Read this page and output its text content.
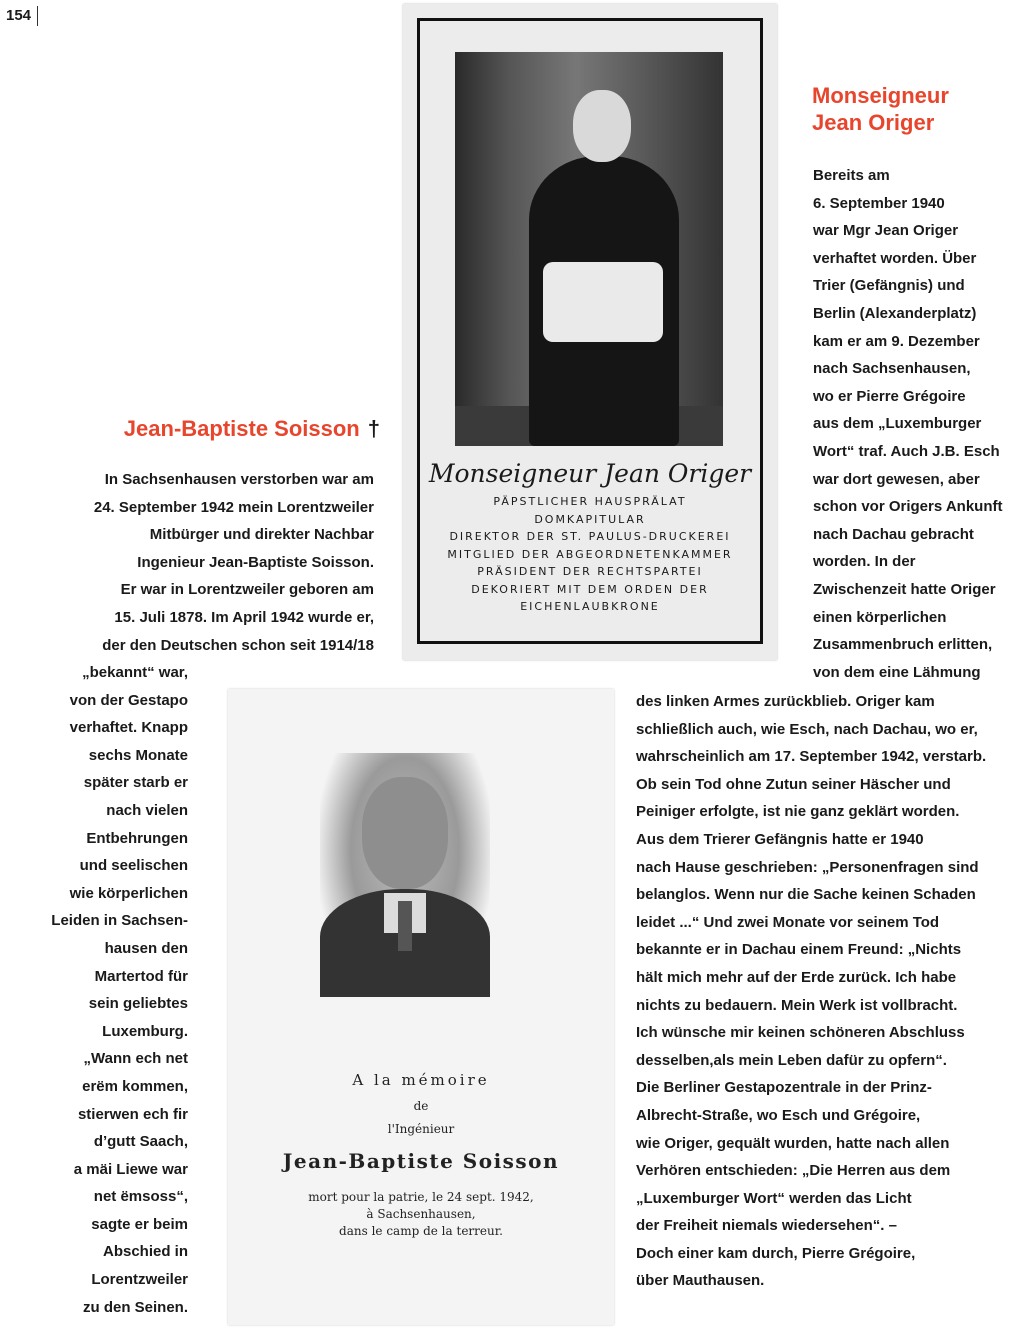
154
Monseigneur Jean Origer
PÄPSTLICHER HAUSPRÄLAT
DOMKAPITULAR
DIREKTOR DER ST. PAULUS-DRUCKEREI
MITGLIED DER ABGEORDNETENKAMMER
PRÄSIDENT DER RECHTSPARTEI
DEKORIERT MIT DEM ORDEN DER
EICHENLAUBKRONE
Monseigneur
Jean Origer

Bereits am
6. September 1940
war Mgr Jean Origer
verhaftet worden. Über
Trier (Gefängnis) und
Berlin (Alexanderplatz)
kam er am 9. Dezember
nach Sachsenhausen,
wo er Pierre Grégoire
aus dem „Luxemburger
Wort“ traf. Auch J.B. Esch
war dort gewesen, aber
schon vor Origers Ankunft
nach Dachau gebracht
worden. In der
Zwischenzeit hatte Origer
einen körperlichen
Zusammenbruch erlitten,
von dem eine Lähmung

des linken Armes zurückblieb. Origer kam
schließlich auch, wie Esch, nach Dachau, wo er,
wahrscheinlich am 17. September 1942, verstarb.
Ob sein Tod ohne Zutun seiner Häscher und
Peiniger erfolgte, ist nie ganz geklärt worden.
Aus dem Trierer Gefängnis hatte er 1940
nach Hause geschrieben: „Personenfragen sind
belanglos. Wenn nur die Sache keinen Schaden
leidet ...“ Und zwei Monate vor seinem Tod
bekannte er in Dachau einem Freund: „Nichts
hält mich mehr auf der Erde zurück. Ich habe
nichts zu bedauern. Mein Werk ist vollbracht.
Ich wünsche mir keinen schöneren Abschluss
desselben,als mein Leben dafür zu opfern“.
Die Berliner Gestapozentrale in der Prinz-
Albrecht-Straße, wo Esch und Grégoire,
wie Origer, gequält wurden, hatte nach allen
Verhören entschieden: „Die Herren aus dem
„Luxemburger Wort“ werden das Licht
der Freiheit niemals wiedersehen“. –
Doch einer kam durch, Pierre Grégoire,
über Mauthausen.

Jean-Baptiste Soisson †

In Sachsenhausen verstorben war am
24. September 1942 mein Lorentzweiler
Mitbürger und direkter Nachbar
Ingenieur Jean-Baptiste Soisson.
Er war in Lorentzweiler geboren am
15. Juli 1878. Im April 1942 wurde er,
der den Deutschen schon seit 1914/18

„bekannt“ war,
von der Gestapo
verhaftet. Knapp
sechs Monate
später starb er
nach vielen
Entbehrungen
und seelischen
wie körperlichen
Leiden in Sachsen-
hausen den
Martertod für
sein geliebtes
Luxemburg.
„Wann ech net
erëm kommen,
stierwen ech fir
d’gutt Saach,
a mäi Liewe war
net ëmsoss“,
sagte er beim
Abschied in
Lorentzweiler
zu den Seinen.

A la mémoire
de
l'Ingénieur
Jean-Baptiste Soisson
mort pour la patrie, le 24 sept. 1942,
à Sachsenhausen,
dans le camp de la terreur.
